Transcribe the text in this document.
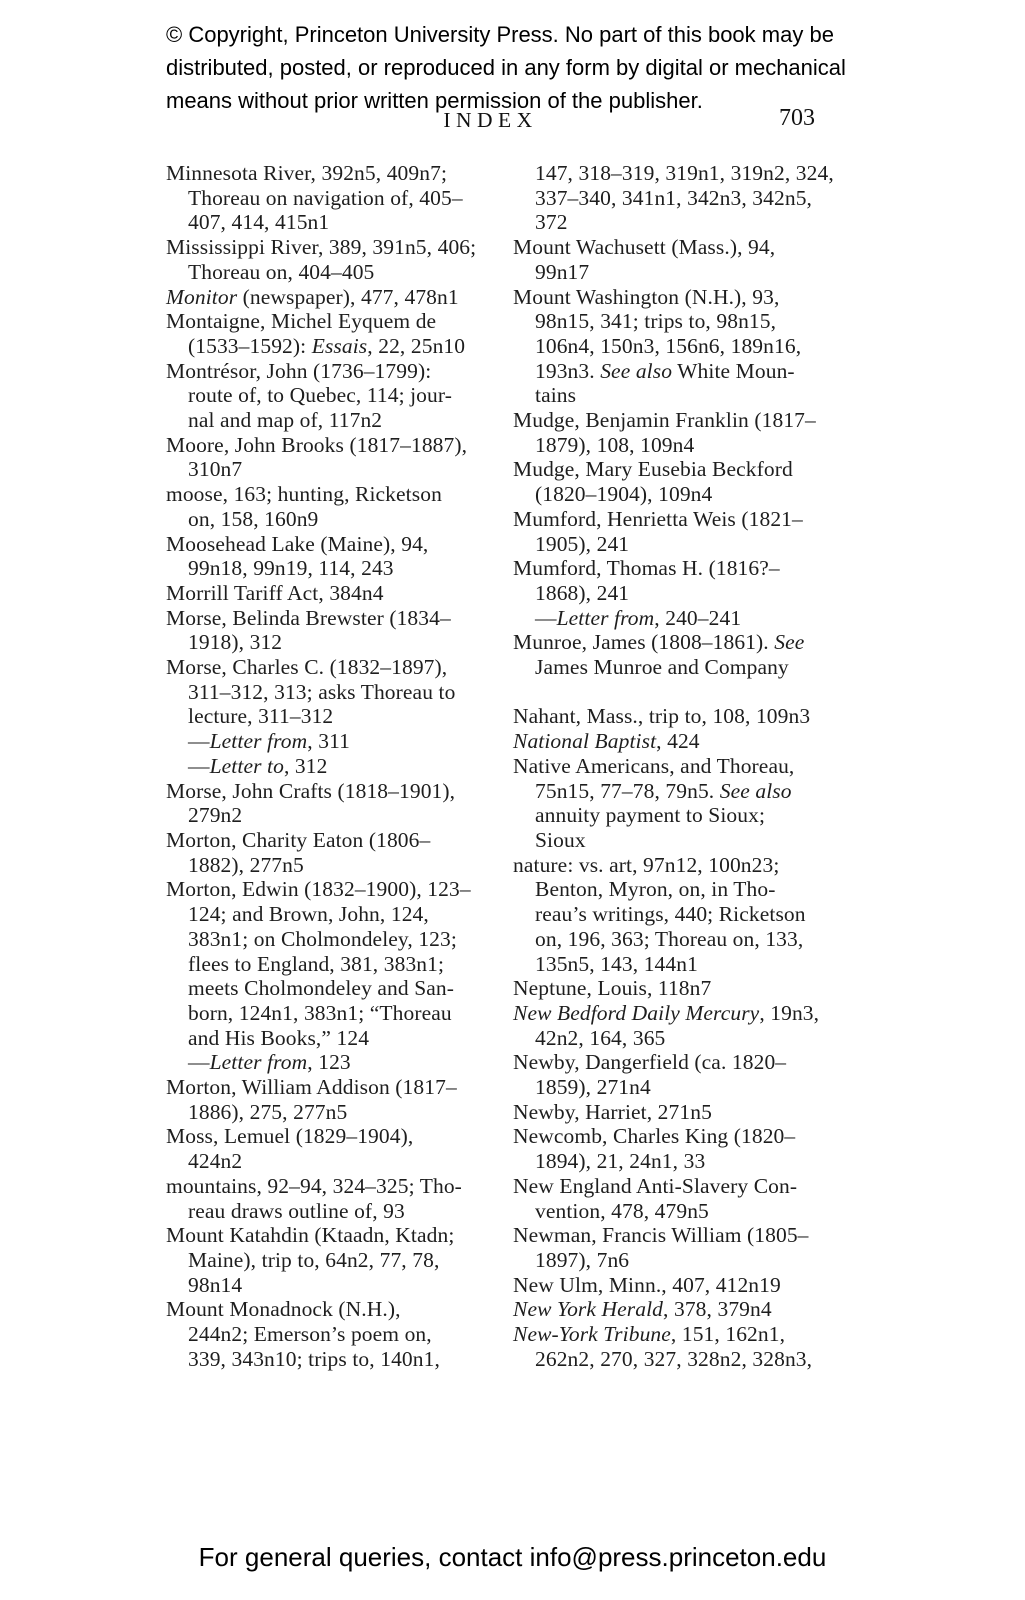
© Copyright, Princeton University Press. No part of this book may be
distributed, posted, or reproduced in any form by digital or mechanical
means without prior written permission of the publisher.
INDEX	703
Minnesota River, 392n5, 409n7;
Thoreau on navigation of, 405–
407, 414, 415n1
Mississippi River, 389, 391n5, 406;
Thoreau on, 404–405
Monitor (newspaper), 477, 478n1
Montaigne, Michel Eyquem de
(1533–1592): Essais, 22, 25n10
Montrésor, John (1736–1799):
route of, to Quebec, 114; jour-
nal and map of, 117n2
Moore, John Brooks (1817–1887),
310n7
moose, 163; hunting, Ricketson
on, 158, 160n9
Moosehead Lake (Maine), 94,
99n18, 99n19, 114, 243
Morrill Tariff Act, 384n4
Morse, Belinda Brewster (1834–
1918), 312
Morse, Charles C. (1832–1897),
311–312, 313; asks Thoreau to
lecture, 311–312
—Letter from, 311
—Letter to, 312
Morse, John Crafts (1818–1901),
279n2
Morton, Charity Eaton (1806–
1882), 277n5
Morton, Edwin (1832–1900), 123–
124; and Brown, John, 124,
383n1; on Cholmondeley, 123;
flees to England, 381, 383n1;
meets Cholmondeley and San-
born, 124n1, 383n1; “Thoreau
and His Books,” 124
—Letter from, 123
Morton, William Addison (1817–
1886), 275, 277n5
Moss, Lemuel (1829–1904),
424n2
mountains, 92–94, 324–325; Tho-
reau draws outline of, 93
Mount Katahdin (Ktaadn, Ktadn;
Maine), trip to, 64n2, 77, 78,
98n14
Mount Monadnock (N.H.),
244n2; Emerson’s poem on,
339, 343n10; trips to, 140n1,
147, 318–319, 319n1, 319n2, 324,
337–340, 341n1, 342n3, 342n5,
372
Mount Wachusett (Mass.), 94,
99n17
Mount Washington (N.H.), 93,
98n15, 341; trips to, 98n15,
106n4, 150n3, 156n6, 189n16,
193n3. See also White Moun-
tains
Mudge, Benjamin Franklin (1817–
1879), 108, 109n4
Mudge, Mary Eusebia Beckford
(1820–1904), 109n4
Mumford, Henrietta Weis (1821–
1905), 241
Mumford, Thomas H. (1816?–
1868), 241
—Letter from, 240–241
Munroe, James (1808–1861). See
James Munroe and Company

Nahant, Mass., trip to, 108, 109n3
National Baptist, 424
Native Americans, and Thoreau,
75n15, 77–78, 79n5. See also
annuity payment to Sioux;
Sioux
nature: vs. art, 97n12, 100n23;
Benton, Myron, on, in Tho-
reau’s writings, 440; Ricketson
on, 196, 363; Thoreau on, 133,
135n5, 143, 144n1
Neptune, Louis, 118n7
New Bedford Daily Mercury, 19n3,
42n2, 164, 365
Newby, Dangerfield (ca. 1820–
1859), 271n4
Newby, Harriet, 271n5
Newcomb, Charles King (1820–
1894), 21, 24n1, 33
New England Anti-Slavery Con-
vention, 478, 479n5
Newman, Francis William (1805–
1897), 7n6
New Ulm, Minn., 407, 412n19
New York Herald, 378, 379n4
New-York Tribune, 151, 162n1,
262n2, 270, 327, 328n2, 328n3,
For general queries, contact info@press.princeton.edu
